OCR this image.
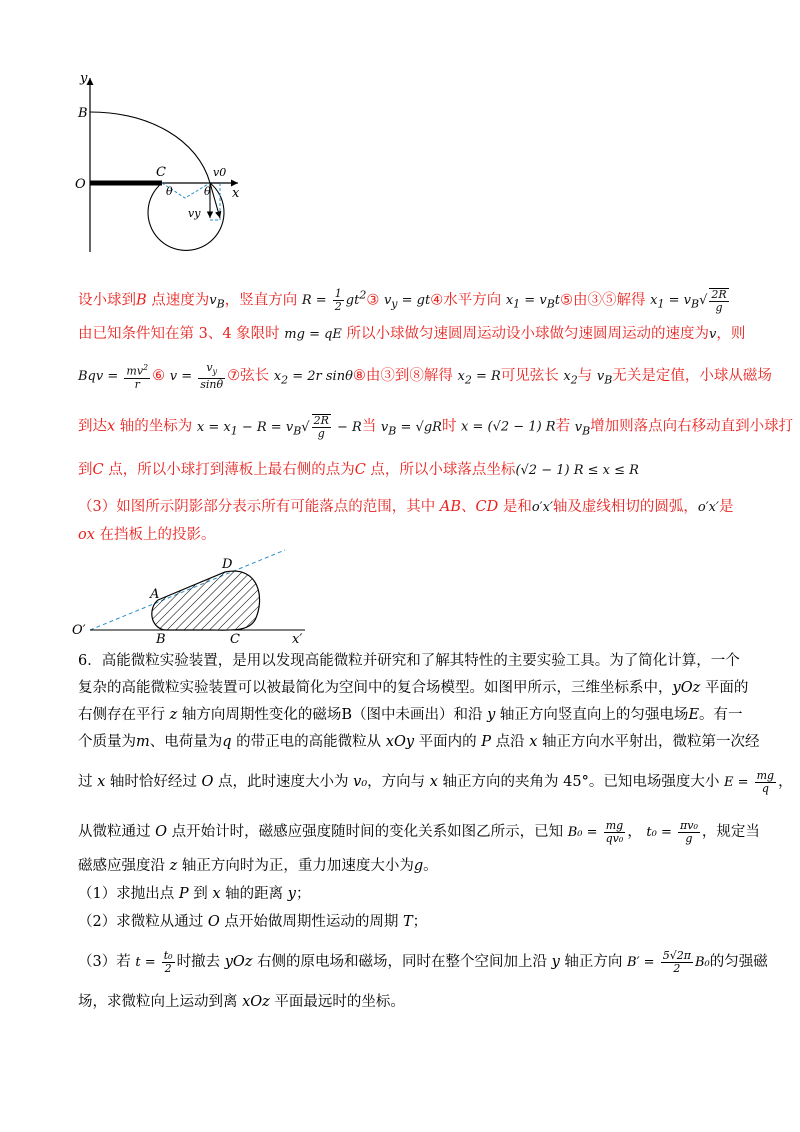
y
B
O
C
x
v0
θ	θ
vy
设小球到B 点速度为$v_B$，竖直方向 $R = \frac{1}{2}$ $gt^2③$ $v_y$ = gt④水平方向 $x_1$ = $v_Bt⑤$由③⑤解得 $x_1 = v_B√ \frac{2R}{g}$
由已知条件知在第 3、4 象限时 mg = qE 所以小球做匀速圆周运动设小球做匀速圆周运动的速度为v，则
Bqv = $\frac{mv^2}{r}$ ⑥ $v = \frac{v_y}{\sin\theta}$ ⑦弦长 $x_2 = 2r$ sinθ⑧由③到⑧解得 $x_2 = R$可见弦长 $x_2$与 $v_B$无关是定值，小球从磁场
到达x 轴的坐标为 $x = x_1 - R = v_B√ \frac{2R}{g} - R$当 $v_B = √gR$时 x = (√2 − 1) R若 $v_B$增加则落点向右移动直到小球打
到C 点，所以小球打到薄板上最右侧的点为C 点，所以小球落点坐标(√2 − 1) R ≤ x ≤ R
（3）如图所示阴影部分表示所有可能落点的范围，其中 AB、CD 是和o′x′轴及虚线相切的圆弧，o′x′是
ox 在挡板上的投影。
D
A
O′
B	C	x′
6．高能微粒实验装置，是用以发现高能微粒并研究和了解其特性的主要实验工具。为了简化计算，一个
复杂的高能微粒实验装置可以被最简化为空间中的复合场模型。如图甲所示，三维坐标系中，yOz 平面的
右侧存在平行 z 轴方向周期性变化的磁场B（图中未画出）和沿 y 轴正方向竖直向上的匀强电场E。有一
个质量为m、电荷量为q 的带正电的高能微粒从 xOy 平面内的 P 点沿 x 轴正方向水平射出，微粒第一次经
过 x 轴时恰好经过 O 点，此时速度大小为 v₀，方向与 x 轴正方向的夹角为 45°。已知电场强度大小 $E = \frac{mg}{q}$ ，
从微粒通过 O 点开始计时，磁感应强度随时间的变化关系如图乙所示，已知 $B_0 = \frac{mg}{\text{qv₀}}$ ， $t_0 = \frac{\text{πv₀}}{g}$ ，规定当
磁感应强度沿 z 轴正方向时为正，重力加速度大小为g。
（1）求抛出点 P 到 x 轴的距离 y；
（2）求微粒从通过 O 点开始做周期性运动的周期 T；
（3）若 $t = \frac{\text{t₀}}{2}$ 时撤去 yOz 右侧的原电场和磁场，同时在整个空间加上沿 y 轴正方向 $B' = \frac{5√2\pi}{2} B_0$的匀强磁
场，求微粒向上运动到离 xOz 平面最远时的坐标。
